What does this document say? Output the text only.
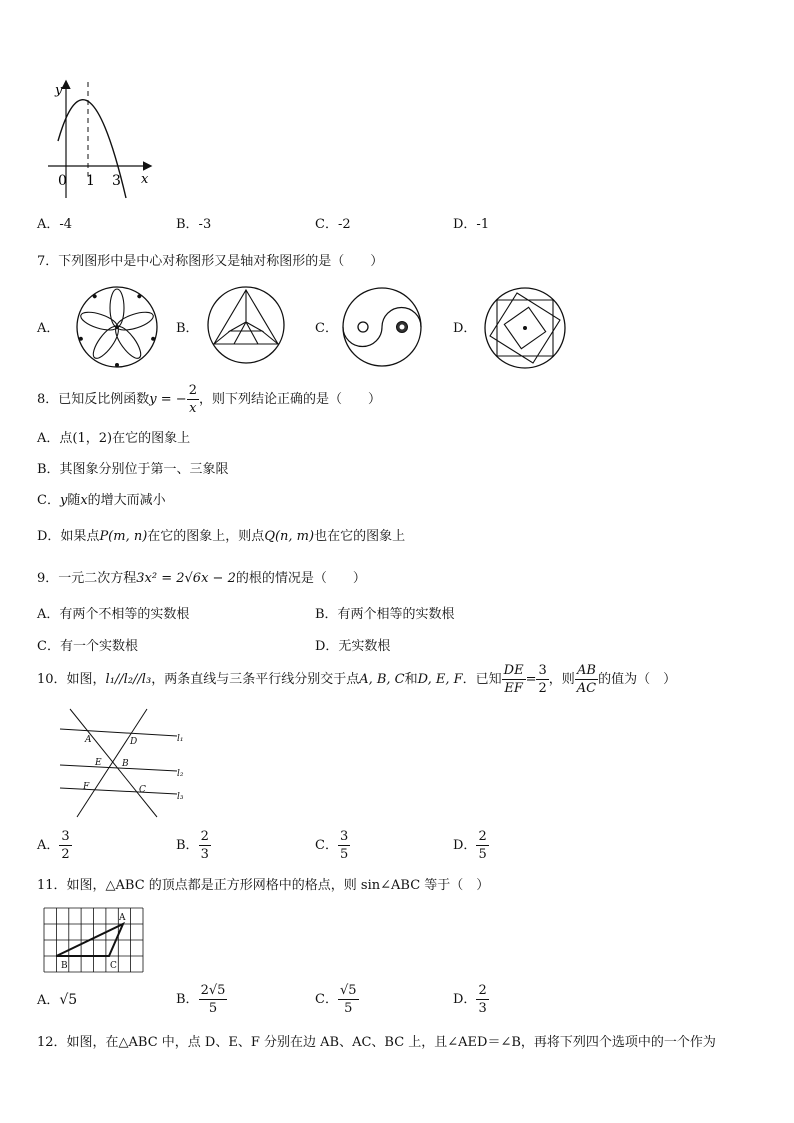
y
x
0 1 3
A．-4	B．-3	C．-2	D．-1
7．下列图形中是中心对称图形又是轴对称图形的是（　　）
A．	B．	C．	D．
8．已知反比例函数y = − $\frac{2}{x}$ ，则下列结论正确的是（　　）
A．点(1，2)在它的图象上
B．其图象分别位于第一、三象限
C．y随x的增大而减小
D．如果点P(m, n)在它的图象上，则点Q(n, m)也在它的图象上
9．一元二次方程3x² = 2√6x − 2的根的情况是（　　）
A．有两个不相等的实数根	B．有两个相等的实数根
C．有一个实数根	D．无实数根
10．如图，l₁//l₂//l₃，两条直线与三条平行线分别交于点A, B, C和D, E, F．已知 $\frac{DE}{EF} = \frac{3}{2}$ ，则 $\frac{AB}{AC}$ 的值为（　）
A	D
E B
F	C
l₁
l₂
l₃
A． $\frac{3}{2}$	B． $\frac{2}{3}$	C． $\frac{3}{5}$	D． $\frac{2}{5}$
11．如图，△ABC 的顶点都是正方形网格中的格点，则 sin∠ABC 等于（　）
A
B	C
A．√5	B． $\frac{2√5}{5}$	C． $\frac{√5}{5}$	D． $\frac{2}{3}$
12．如图，在△ABC 中，点 D、E、F 分别在边 AB、AC、BC 上，且∠AED＝∠B，再将下列四个选项中的一个作为
